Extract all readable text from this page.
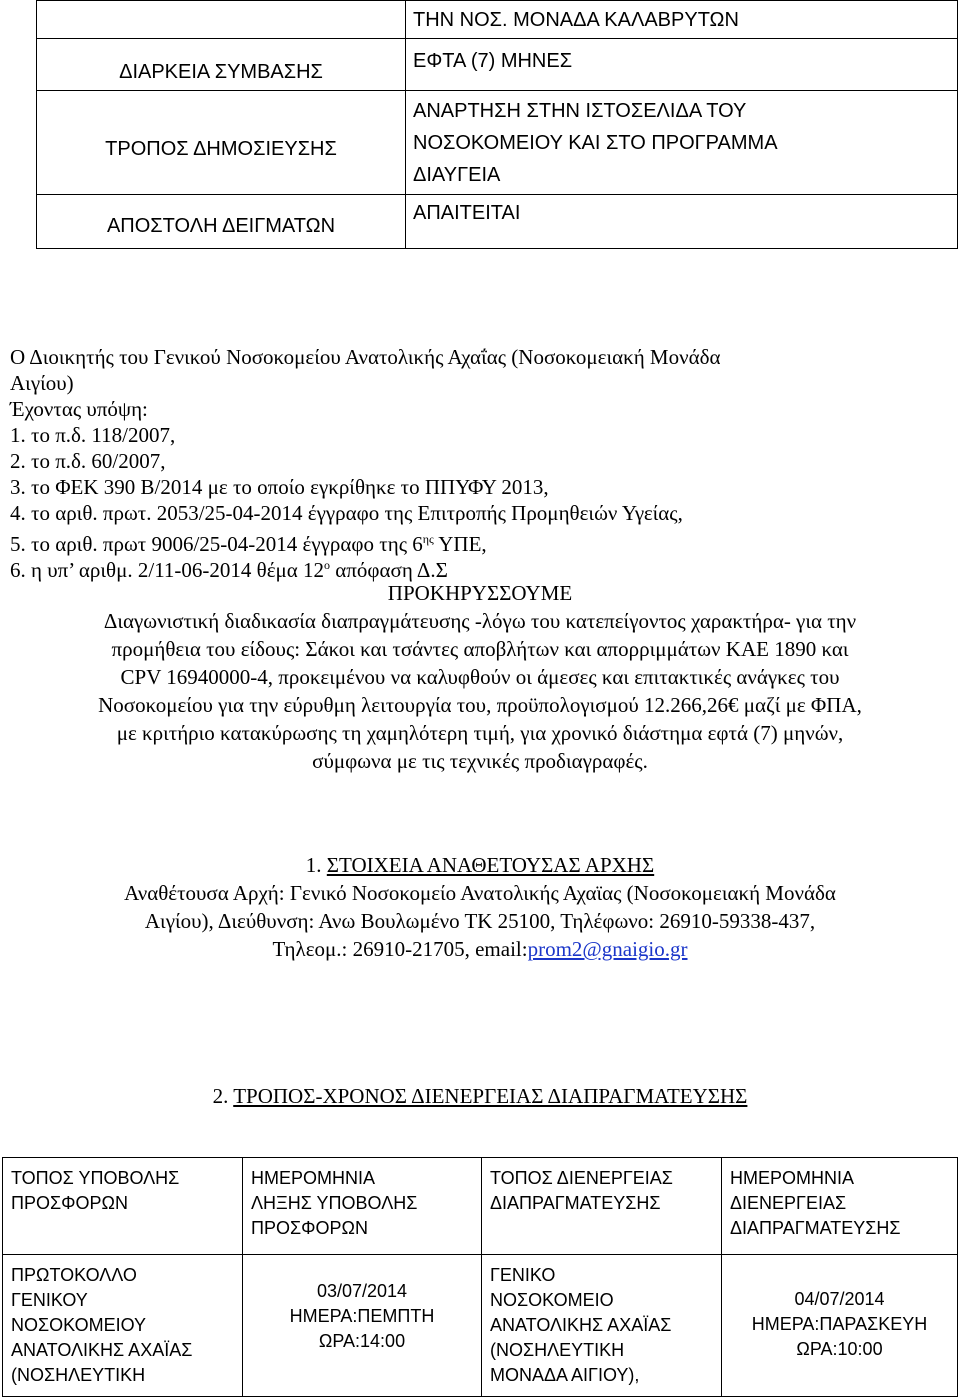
	ΤΗΝ ΝΟΣ. ΜΟΝΑΔΑ ΚΑΛΑΒΡΥΤΩΝ

ΔΙΑΡΚΕΙΑ ΣΥΜΒΑΣΗΣ	ΕΦΤΑ (7) ΜΗΝΕΣ

ΤΡΟΠΟΣ ΔΗΜΟΣΙΕΥΣΗΣ	ΑΝΑΡΤΗΣΗ ΣΤΗΝ ΙΣΤΟΣΕΛΙΔΑ ΤΟΥ
ΝΟΣΟΚΟΜΕΙΟΥ ΚΑΙ ΣΤΟ ΠΡΟΓΡΑΜΜΑ
ΔΙΑΥΓΕΙΑ

ΑΠΟΣΤΟΛΗ ΔΕΙΓΜΑΤΩΝ	ΑΠΑΙΤΕΙΤΑΙ
Ο Διοικητής του Γενικού Νοσοκομείου Ανατολικής Αχαΐας (Νοσοκομειακή Μονάδα
Αιγίου)
Έχοντας υπόψη:
1. το π.δ. 118/2007,
2. το π.δ. 60/2007,
3. το ΦΕΚ 390 Β/2014 με το οποίο εγκρίθηκε το ΠΠΥΦΥ 2013,
4. το αριθ. πρωτ. 2053/25-04-2014 έγγραφο της Επιτροπής Προμηθειών Υγείας,
5. το αριθ. πρωτ 9006/25-04-2014 έγγραφο της $6^{\eta\varsigma}$ ΥΠΕ,
6. η υπ’ αριθμ. 2/11-06-2014 θέμα $12^o$ απόφαση Δ.Σ
ΠΡΟΚΗΡΥΣΣΟΥΜΕ
Διαγωνιστική διαδικασία διαπραγμάτευσης -λόγω του κατεπείγοντος χαρακτήρα- για την
προμήθεια του είδους: Σάκοι και τσάντες αποβλήτων και απορριμμάτων ΚΑΕ 1890 και
CPV 16940000-4, προκειμένου να καλυφθούν οι άμεσες και επιτακτικές ανάγκες του
Νοσοκομείου για την εύρυθμη λειτουργία του, προϋπολογισμού 12.266,26€ μαζί με ΦΠΑ,
με κριτήριο κατακύρωσης τη χαμηλότερη τιμή, για χρονικό διάστημα εφτά (7) μηνών,
σύμφωνα με τις τεχνικές προδιαγραφές.
1. ΣΤΟΙΧΕΙΑ ΑΝΑΘΕΤΟΥΣΑΣ ΑΡΧΗΣ
Αναθέτουσα Αρχή: Γενικό Νοσοκομείο Ανατολικής Αχαϊας (Νοσοκομειακή Μονάδα
Αιγίου), Διεύθυνση: Ανω Βουλωμένο ΤΚ 25100, Τηλέφωνο: 26910-59338-437,
Τηλεομ.: 26910-21705, email:prom2@gnaigio.gr
2. ΤΡΟΠΟΣ-ΧΡΟΝΟΣ ΔΙΕΝΕΡΓΕΙΑΣ ΔΙΑΠΡΑΓΜΑΤΕΥΣΗΣ
ΤΟΠΟΣ ΥΠΟΒΟΛΗΣ
ΠΡΟΣΦΟΡΩΝ	ΗΜΕΡΟΜΗΝΙΑ
ΛΗΞΗΣ ΥΠΟΒΟΛΗΣ
ΠΡΟΣΦΟΡΩΝ	ΤΟΠΟΣ ΔΙΕΝΕΡΓΕΙΑΣ
ΔΙΑΠΡΑΓΜΑΤΕΥΣΗΣ	ΗΜΕΡΟΜΗΝΙΑ
ΔΙΕΝΕΡΓΕΙΑΣ
ΔΙΑΠΡΑΓΜΑΤΕΥΣΗΣ

ΠΡΩΤΟΚΟΛΛΟ
ΓΕΝΙΚΟΥ
ΝΟΣΟΚΟΜΕΙΟΥ
ΑΝΑΤΟΛΙΚΗΣ ΑΧΑΪΑΣ
(ΝΟΣΗΛΕΥΤΙΚΗ	03/07/2014
ΗΜΕΡΑ:ΠΕΜΠΤΗ
ΩΡΑ:14:00	ΓΕΝΙΚΟ
ΝΟΣΟΚΟΜΕΙΟ
ΑΝΑΤΟΛΙΚΗΣ ΑΧΑΪΑΣ
(ΝΟΣΗΛΕΥΤΙΚΗ
ΜΟΝΑΔΑ ΑΙΓΙΟΥ),	04/07/2014
ΗΜΕΡΑ:ΠΑΡΑΣΚΕΥΗ
ΩΡΑ:10:00
